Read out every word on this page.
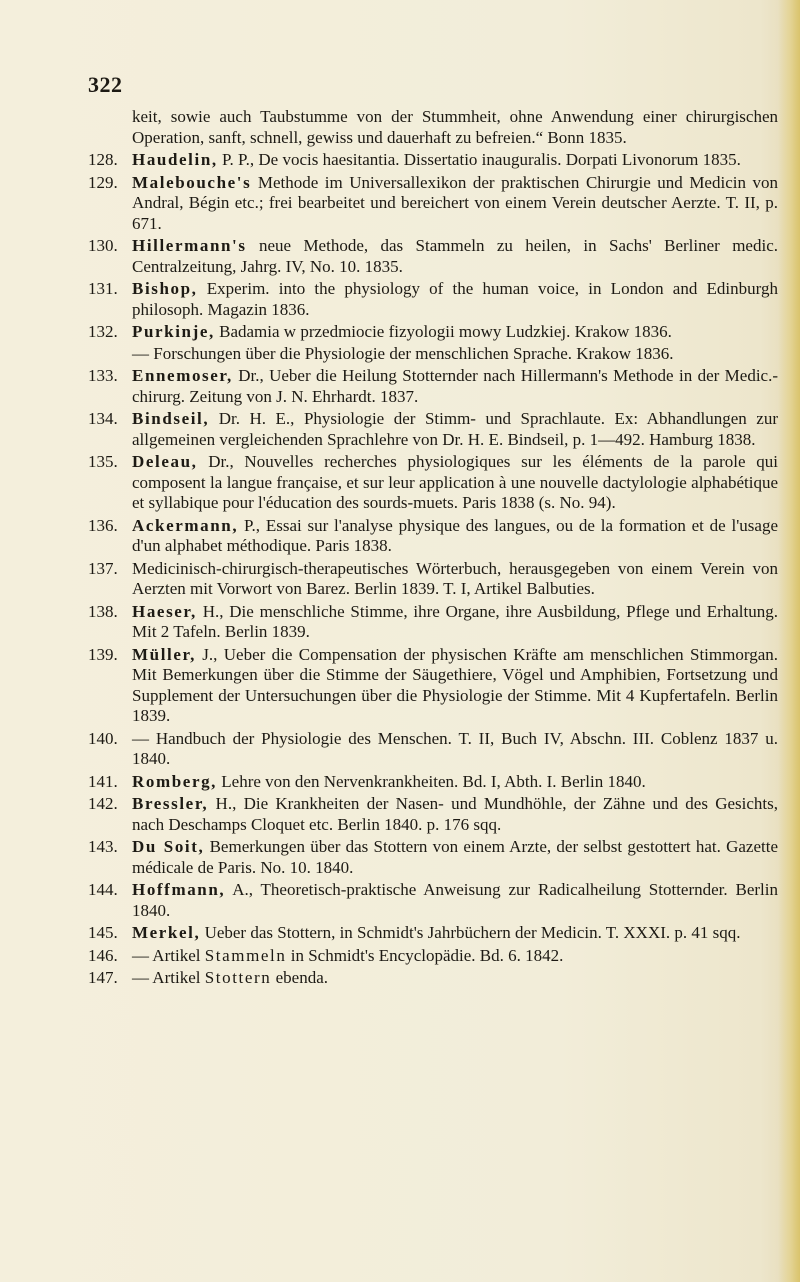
322
keit, sowie auch Taubstumme von der Stummheit, ohne Anwendung einer chirurgischen Operation, sanft, schnell, gewiss und dauerhaft zu befreien.“ Bonn 1835.
128. Haudelin, P. P., De vocis haesitantia. Dissertatio inauguralis. Dorpati Livonorum 1835.
129. Malebouche's Methode im Universallexikon der praktischen Chirurgie und Medicin von Andral, Bégin etc.; frei bearbeitet und bereichert von einem Verein deutscher Aerzte. T. II, p. 671.
130. Hillermann's neue Methode, das Stammeln zu heilen, in Sachs' Berliner medic. Centralzeitung, Jahrg. IV, No. 10. 1835.
131. Bishop, Experim. into the physiology of the human voice, in London and Edinburgh philosoph. Magazin 1836.
132. Purkinje, Badamia w przedmiocie fizyologii mowy Ludzkiej. Krakow 1836.
— Forschungen über die Physiologie der menschlichen Sprache. Krakow 1836.
133. Ennemoser, Dr., Ueber die Heilung Stotternder nach Hillermann's Methode in der Medic.-chirurg. Zeitung von J. N. Ehrhardt. 1837.
134. Bindseil, Dr. H. E., Physiologie der Stimm- und Sprachlaute. Ex: Abhandlungen zur allgemeinen vergleichenden Sprachlehre von Dr. H. E. Bindseil, p. 1—492. Hamburg 1838.
135. Deleau, Dr., Nouvelles recherches physiologiques sur les éléments de la parole qui composent la langue française, et sur leur application à une nouvelle dactylologie alphabétique et syllabique pour l'éducation des sourds-muets. Paris 1838 (s. No. 94).
136. Ackermann, P., Essai sur l'analyse physique des langues, ou de la formation et de l'usage d'un alphabet méthodique. Paris 1838.
137. Medicinisch-chirurgisch-therapeutisches Wörterbuch, herausgegeben von einem Verein von Aerzten mit Vorwort von Barez. Berlin 1839. T. I, Artikel Balbuties.
138. Haeser, H., Die menschliche Stimme, ihre Organe, ihre Ausbildung, Pflege und Erhaltung. Mit 2 Tafeln. Berlin 1839.
139. Müller, J., Ueber die Compensation der physischen Kräfte am menschlichen Stimmorgan. Mit Bemerkungen über die Stimme der Säugethiere, Vögel und Amphibien, Fortsetzung und Supplement der Untersuchungen über die Physiologie der Stimme. Mit 4 Kupfertafeln. Berlin 1839.
140. — Handbuch der Physiologie des Menschen. T. II, Buch IV, Abschn. III. Coblenz 1837 u. 1840.
141. Romberg, Lehre von den Nervenkrankheiten. Bd. I, Abth. I. Berlin 1840.
142. Bressler, H., Die Krankheiten der Nasen- und Mundhöhle, der Zähne und des Gesichts, nach Deschamps Cloquet etc. Berlin 1840. p. 176 sqq.
143. Du Soit, Bemerkungen über das Stottern von einem Arzte, der selbst gestottert hat. Gazette médicale de Paris. No. 10. 1840.
144. Hoffmann, A., Theoretisch-praktische Anweisung zur Radicalheilung Stotternder. Berlin 1840.
145. Merkel, Ueber das Stottern, in Schmidt's Jahrbüchern der Medicin. T. XXXI. p. 41 sqq.
146. — Artikel Stammeln in Schmidt's Encyclopädie. Bd. 6. 1842.
147. — Artikel Stottern ebenda.
